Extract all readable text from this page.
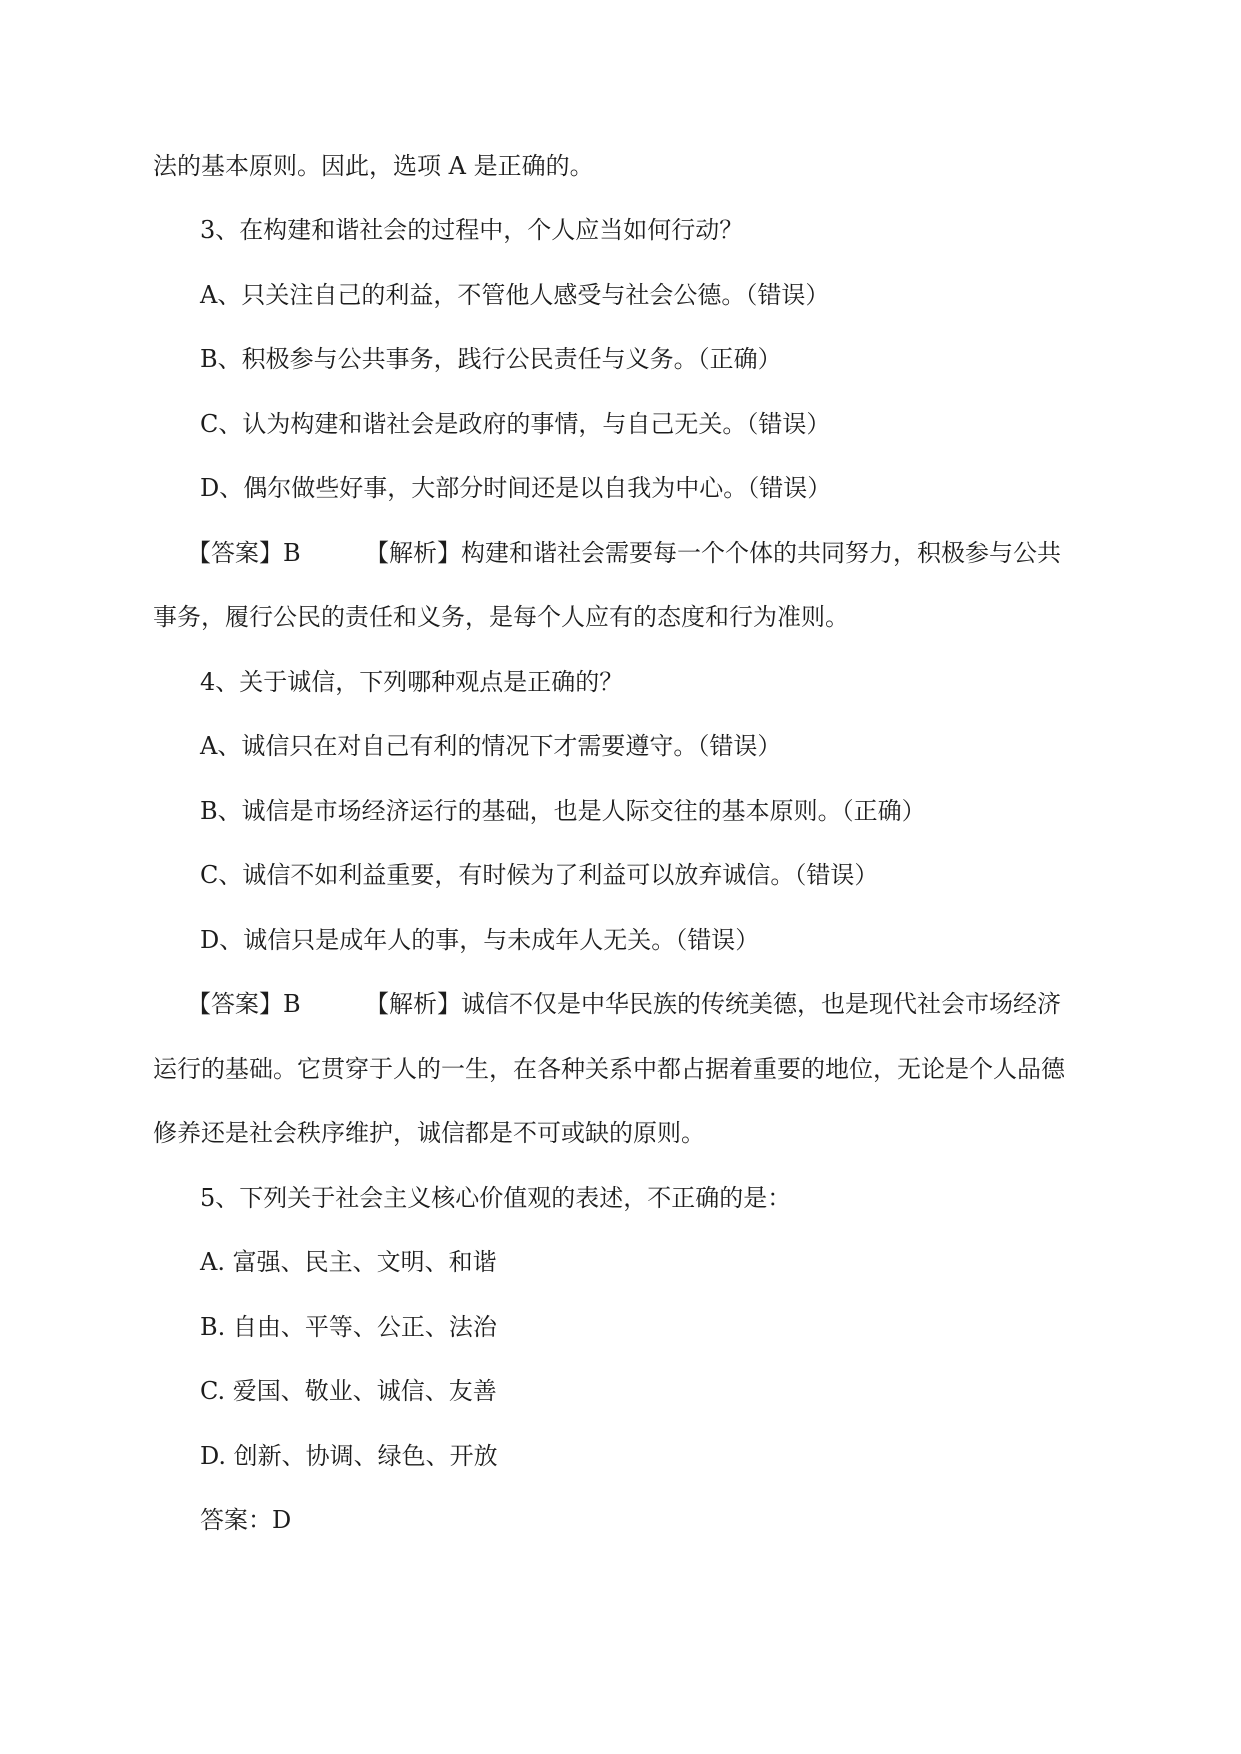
法的基本原则。因此，选项 A 是正确的。
3、在构建和谐社会的过程中，个人应当如何行动？
A、只关注自己的利益，不管他人感受与社会公德。（错误）
B、积极参与公共事务，践行公民责任与义务。（正确）
C、认为构建和谐社会是政府的事情，与自己无关。（错误）
D、偶尔做些好事，大部分时间还是以自我为中心。（错误）
【答案】B	【解析】构建和谐社会需要每一个个体的共同努力，积极参与公共
事务，履行公民的责任和义务，是每个人应有的态度和行为准则。
4、关于诚信，下列哪种观点是正确的？
A、诚信只在对自己有利的情况下才需要遵守。（错误）
B、诚信是市场经济运行的基础，也是人际交往的基本原则。（正确）
C、诚信不如利益重要，有时候为了利益可以放弃诚信。（错误）
D、诚信只是成年人的事，与未成年人无关。（错误）
【答案】B	【解析】诚信不仅是中华民族的传统美德，也是现代社会市场经济
运行的基础。它贯穿于人的一生，在各种关系中都占据着重要的地位，无论是个人品德
修养还是社会秩序维护，诚信都是不可或缺的原则。
5、下列关于社会主义核心价值观的表述，不正确的是：
A. 富强、民主、文明、和谐
B. 自由、平等、公正、法治
C. 爱国、敬业、诚信、友善
D. 创新、协调、绿色、开放
答案：D
